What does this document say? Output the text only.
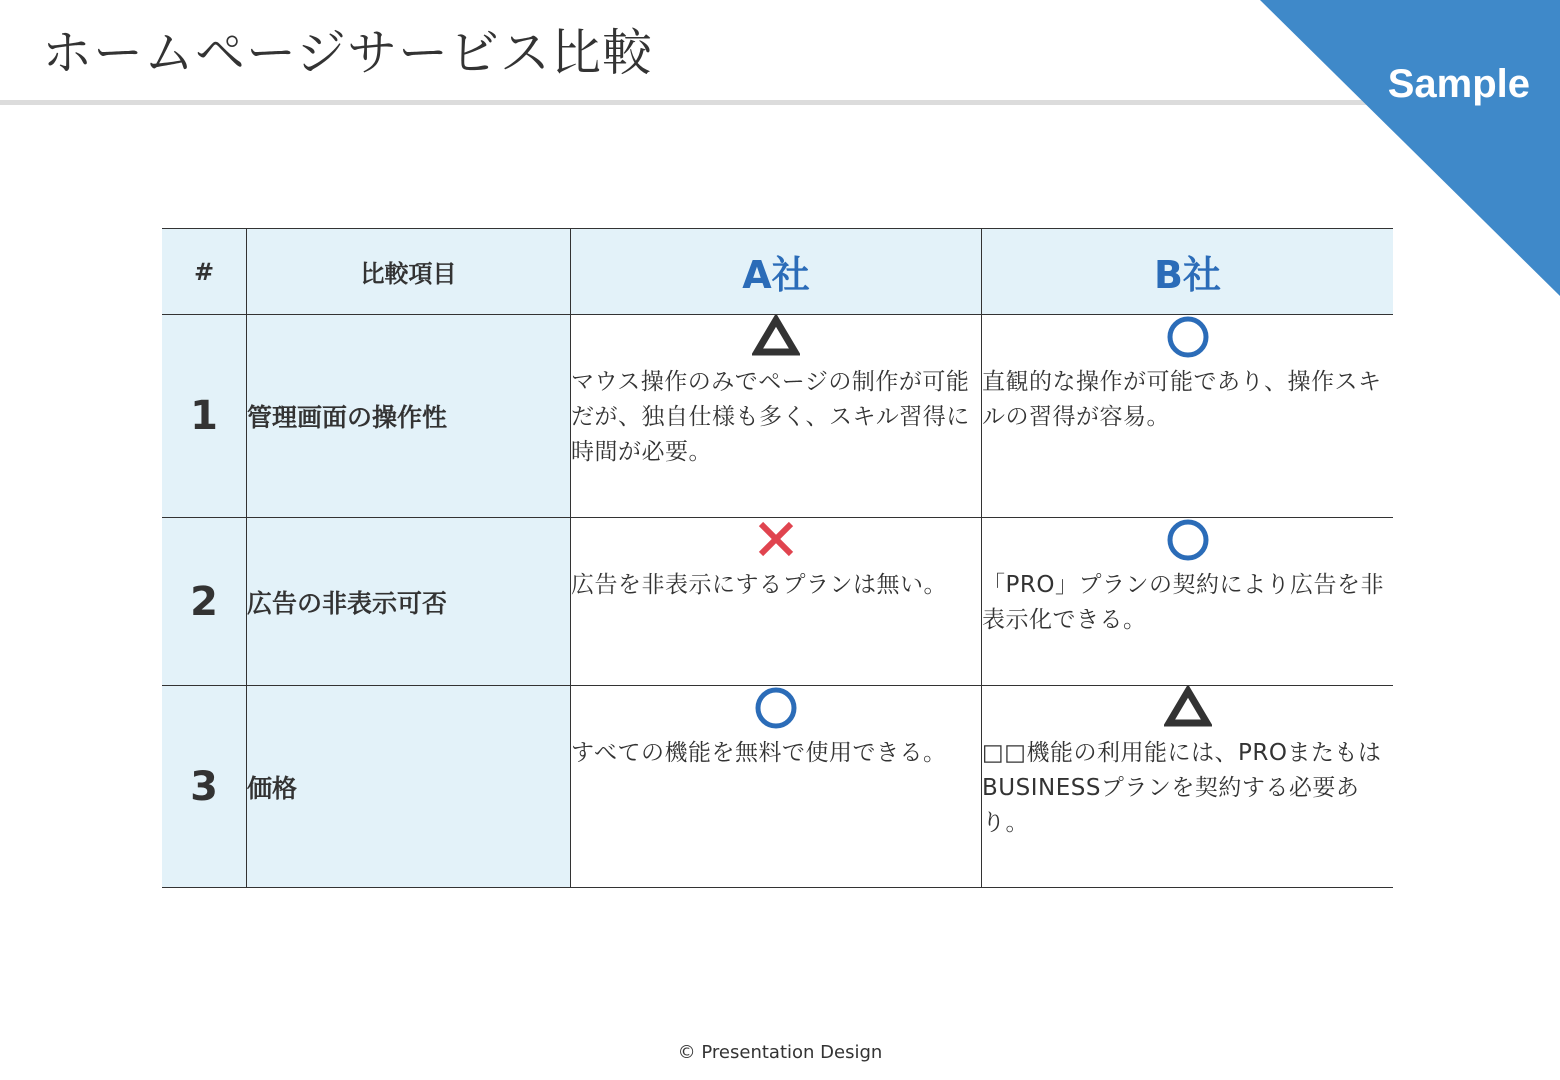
ホームページサービス比較
Sample
#	比較項目	A社	B社
1	管理画面の操作性	マウス操作のみでページの制作が可能だが、独自仕様も多く、スキル習得に時間が必要。	直観的な操作が可能であり、操作スキルの習得が容易。

2	広告の非表示可否	広告を非表示にするプランは無い。	「PRO」プランの契約により広告を非表示化できる。

3	価格	すべての機能を無料で使用できる。	□□機能の利用能には、PROまたもはBUSINESSプランを契約する必要あり。
© Presentation Design
